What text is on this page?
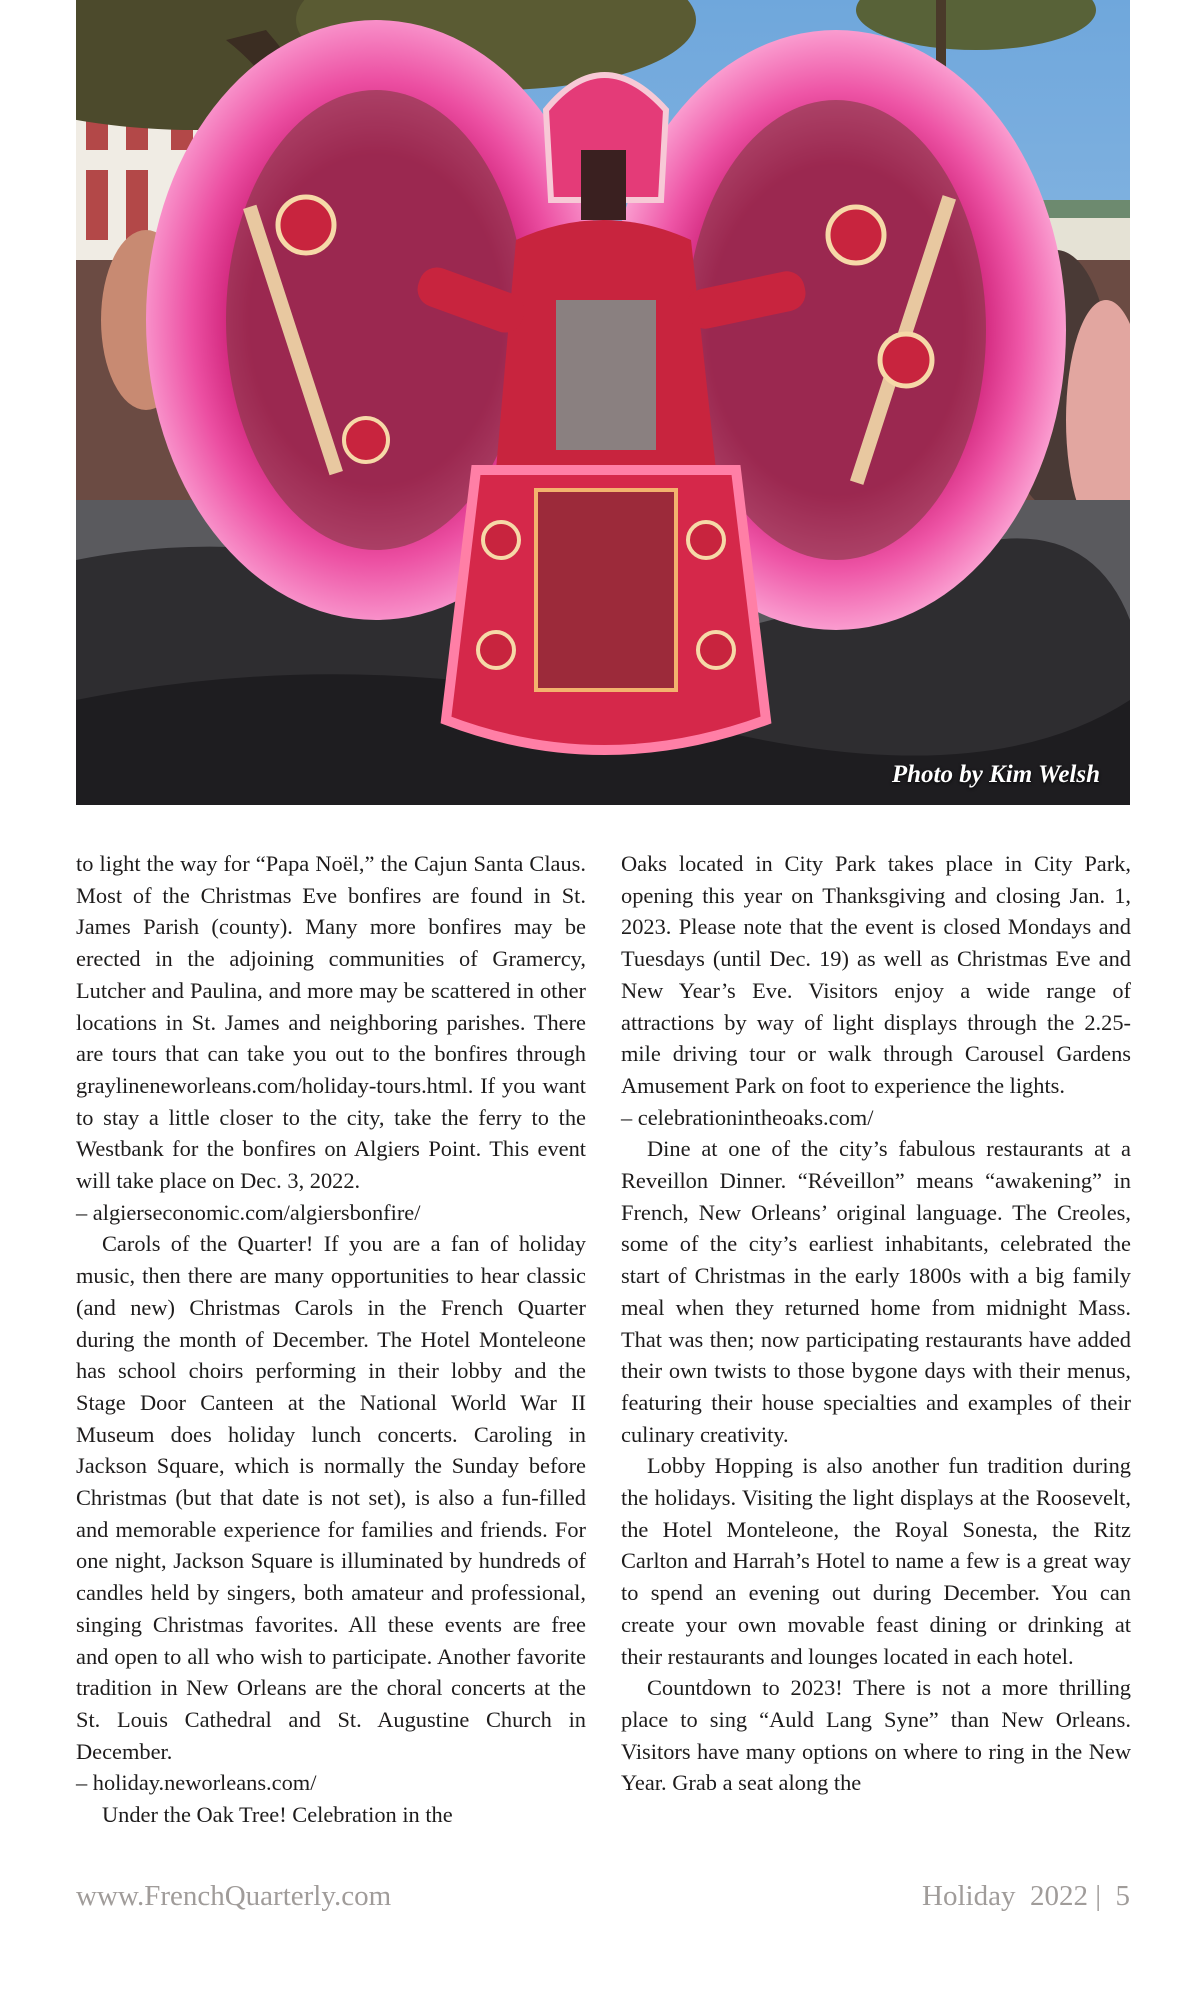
Photo by Kim Welsh

to light the way for “Papa Noël,” the Cajun Santa Claus. Most of the Christmas Eve bonfires are found in St. James Parish (county). Many more bonfires may be erected in the adjoining communities of Gramercy, Lutcher and Paulina, and more may be scattered in other locations in St. James and neighboring parishes. There are tours that can take you out to the bonfires through graylineneworleans.com/holiday-tours.html. If you want to stay a little closer to the city, take the ferry to the Westbank for the bonfires on Algiers Point. This event will take place on Dec. 3, 2022.

– algierseconomic.com/algiersbonfire/

Carols of the Quarter! If you are a fan of holiday music, then there are many opportunities to hear classic (and new) Christmas Carols in the French Quarter during the month of December. The Hotel Monteleone has school choirs performing in their lobby and the Stage Door Canteen at the National World War II Museum does holiday lunch concerts. Caroling in Jackson Square, which is normally the Sunday before Christmas (but that date is not set), is also a fun-filled and memorable experience for families and friends. For one night, Jackson Square is illuminated by hundreds of candles held by singers, both amateur and professional, singing Christmas favorites. All these events are free and open to all who wish to participate. Another favorite tradition in New Orleans are the choral concerts at the St. Louis Cathedral and St. Augustine Church in December.

– holiday.neworleans.com/

Under the Oak Tree! Celebration in the

Oaks located in City Park takes place in City Park, opening this year on Thanksgiving and closing Jan. 1, 2023. Please note that the event is closed Mondays and Tuesdays (until Dec. 19) as well as Christmas Eve and New Year’s Eve. Visitors enjoy a wide range of attractions by way of light displays through the 2.25-mile driving tour or walk through Carousel Gardens Amusement Park on foot to experience the lights.

– celebrationintheoaks.com/

Dine at one of the city’s fabulous restaurants at a Reveillon Dinner. “Réveillon” means “awakening” in French, New Orleans’ original language. The Creoles, some of the city’s earliest inhabitants, celebrated the start of Christmas in the early 1800s with a big family meal when they returned home from midnight Mass. That was then; now participating restaurants have added their own twists to those bygone days with their menus, featuring their house specialties and examples of their culinary creativity.

Lobby Hopping is also another fun tradition during the holidays. Visiting the light displays at the Roosevelt, the Hotel Monteleone, the Royal Sonesta, the Ritz Carlton and Harrah’s Hotel to name a few is a great way to spend an evening out during December. You can create your own movable feast dining or drinking at their restaurants and lounges located in each hotel.

Countdown to 2023! There is not a more thrilling place to sing “Auld Lang Syne” than New Orleans. Visitors have many options on where to ring in the New Year. Grab a seat along the

www.FrenchQuarterly.com	Holiday  2022 |  5
